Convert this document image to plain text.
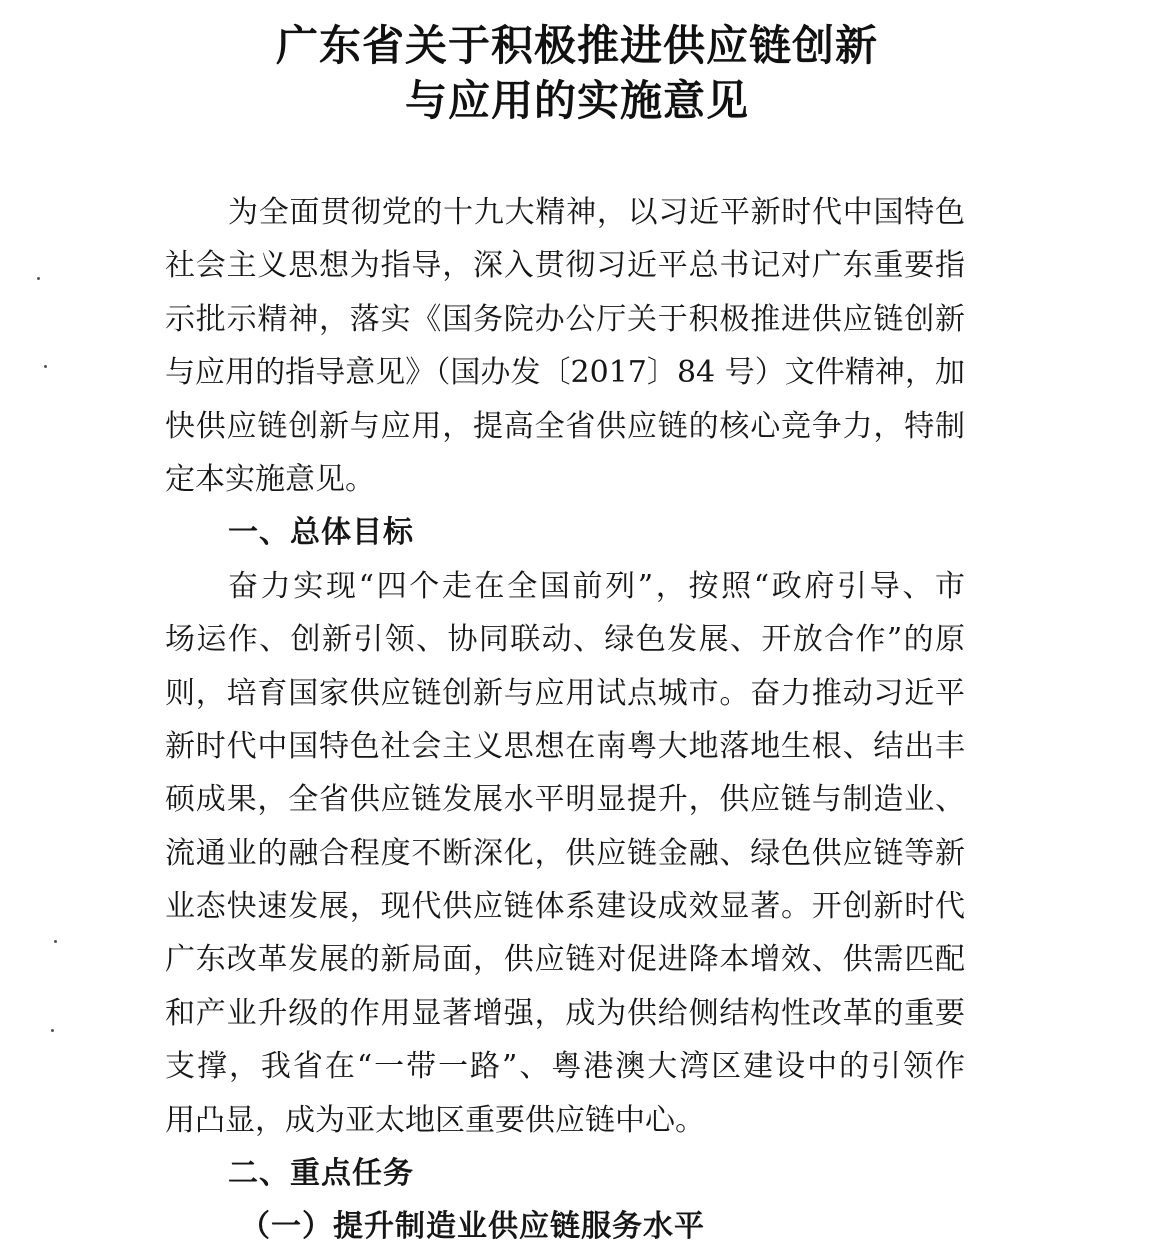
广东省关于积极推进供应链创新
与应用的实施意见
为全面贯彻党的十九大精神，以习近平新时代中国特色
社会主义思想为指导，深入贯彻习近平总书记对广东重要指
示批示精神，落实《国务院办公厅关于积极推进供应链创新
与应用的指导意见》（国办发〔2017〕84 号）文件精神，加
快供应链创新与应用，提高全省供应链的核心竞争力，特制
定本实施意见。
一、总体目标
奋力实现“四个走在全国前列”，按照“政府引导、市
场运作、创新引领、协同联动、绿色发展、开放合作”的原
则，培育国家供应链创新与应用试点城市。奋力推动习近平
新时代中国特色社会主义思想在南粤大地落地生根、结出丰
硕成果，全省供应链发展水平明显提升，供应链与制造业、
流通业的融合程度不断深化，供应链金融、绿色供应链等新
业态快速发展，现代供应链体系建设成效显著。开创新时代
广东改革发展的新局面，供应链对促进降本增效、供需匹配
和产业升级的作用显著增强，成为供给侧结构性改革的重要
支撑，我省在“一带一路”、粤港澳大湾区建设中的引领作
用凸显，成为亚太地区重要供应链中心。
二、重点任务
（一）提升制造业供应链服务水平
